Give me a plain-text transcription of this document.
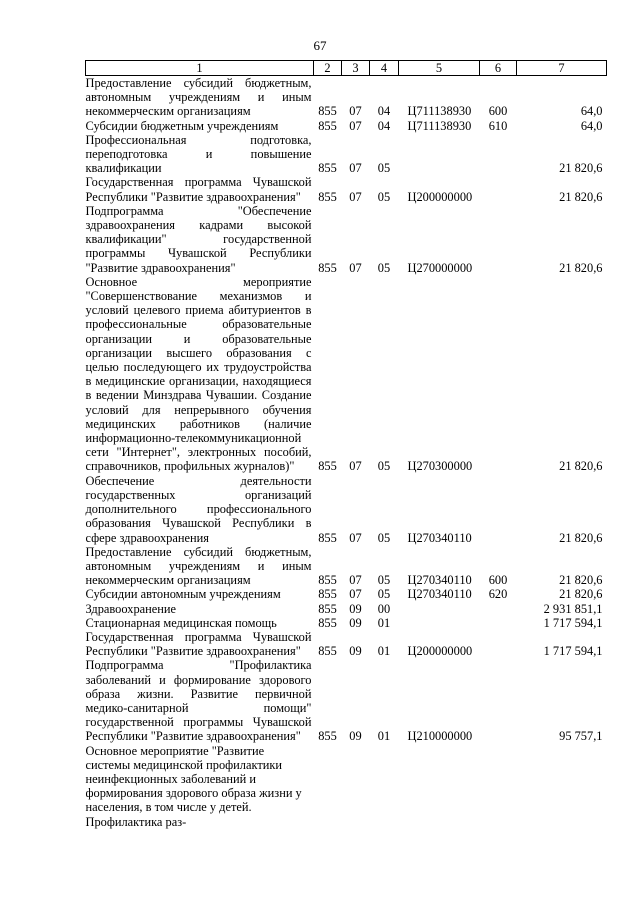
67
1	2	3	4	5	6	7
Предоставление субсидий бюджетным, автономным учреждениям и иным некоммерческим организациям	855	07	04	Ц711138930	600	64,0
Субсидии бюджетным учреждениям	855	07	04	Ц711138930	610	64,0
Профессиональная подготовка, переподготовка и повышение квалификации	855	07	05			21 820,6
Государственная программа Чувашской Республики "Развитие здравоохранения"	855	07	05	Ц200000000		21 820,6
Подпрограмма "Обеспечение здравоохранения кадрами высокой квалификации" государственной программы Чувашской Республики "Развитие здравоохранения"	855	07	05	Ц270000000		21 820,6
Основное мероприятие "Совершенствование механизмов и условий целевого приема абитуриентов в профессиональные образовательные организации и образовательные организации высшего образования с целью последующего их трудоустройства в медицинские организации, находящиеся в ведении Минздрава Чувашии. Создание условий для непрерывного обучения медицинских работников (наличие информационно-телекоммуникационной сети "Интернет", электронных пособий, справочников, профильных журналов)"	855	07	05	Ц270300000		21 820,6
Обеспечение деятельности государственных организаций дополнительного профессионального образования Чувашской Республики в сфере здравоохранения	855	07	05	Ц270340110		21 820,6
Предоставление субсидий бюджетным, автономным учреждениям и иным некоммерческим организациям	855	07	05	Ц270340110	600	21 820,6
Субсидии автономным учреждениям	855	07	05	Ц270340110	620	21 820,6
Здравоохранение	855	09	00			2 931 851,1
Стационарная медицинская помощь	855	09	01			1 717 594,1
Государственная программа Чувашской Республики "Развитие здравоохранения"	855	09	01	Ц200000000		1 717 594,1
Подпрограмма "Профилактика заболеваний и формирование здорового образа жизни. Развитие первичной медико-санитарной помощи" государственной программы Чувашской Республики "Развитие здравоохранения"	855	09	01	Ц210000000		95 757,1
Основное мероприятие "Развитие системы медицинской профилактики неинфекционных заболеваний и формирования здорового образа жизни у населения, в том числе у детей. Профилактика раз-						
